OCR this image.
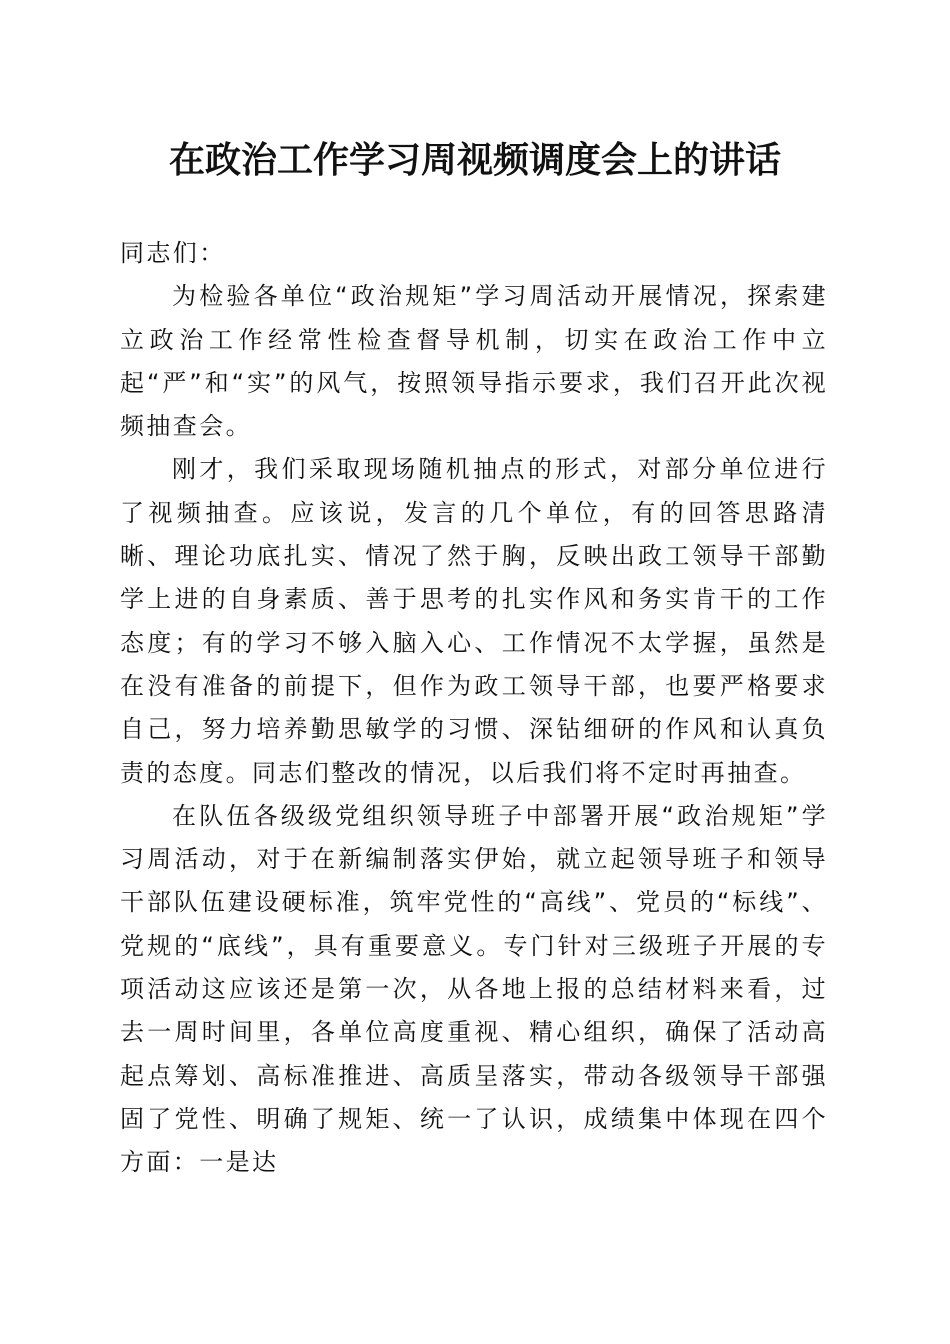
在政治工作学习周视频调度会上的讲话

同志们：

为检验各单位“政治规矩”学习周活动开展情况，探索建立政治工作经常性检查督导机制，切实在政治工作中立起“严”和“实”的风气，按照领导指示要求，我们召开此次视频抽查会。

刚才，我们采取现场随机抽点的形式，对部分单位进行了视频抽查。应该说，发言的几个单位，有的回答思路清晰、理论功底扎实、情况了然于胸，反映出政工领导干部勤学上进的自身素质、善于思考的扎实作风和务实肯干的工作态度；有的学习不够入脑入心、工作情况不太学握，虽然是在没有准备的前提下，但作为政工领导干部，也要严格要求自己，努力培养勤思敏学的习惯、深钻细研的作风和认真负责的态度。同志们整改的情况，以后我们将不定时再抽查。

在队伍各级级党组织领导班子中部署开展“政治规矩”学习周活动，对于在新编制落实伊始，就立起领导班子和领导干部队伍建设硬标准，筑牢党性的“高线”、党员的“标线”、党规的“底线”，具有重要意义。专门针对三级班子开展的专项活动这应该还是第一次，从各地上报的总结材料来看，过去一周时间里，各单位高度重视、精心组织，确保了活动高起点筹划、高标准推进、高质呈落实，带动各级领导干部强固了党性、明确了规矩、统一了认识，成绩集中体现在四个方面：一是达
